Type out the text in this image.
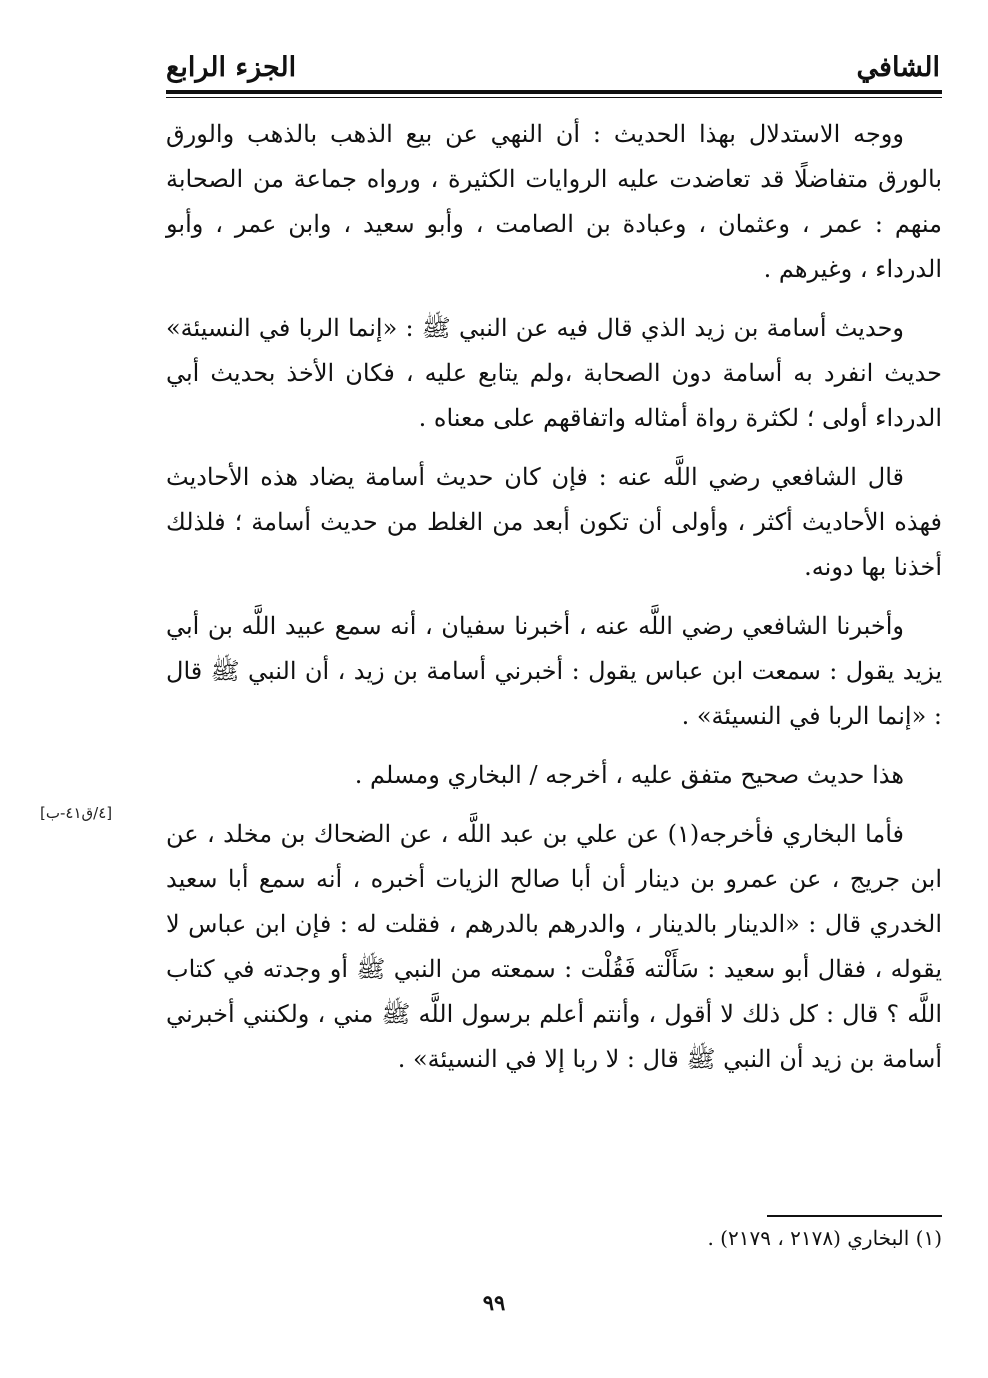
الشافي
الجزء الرابع

ووجه الاستدلال بهذا الحديث : أن النهي عن بيع الذهب بالذهب والورق بالورق متفاضلًا قد تعاضدت عليه الروايات الكثيرة ، ورواه جماعة من الصحابة منهم : عمر ، وعثمان ، وعبادة بن الصامت ، وأبو سعيد ، وابن عمر ، وأبو الدرداء ، وغيرهم .

وحديث أسامة بن زيد الذي قال فيه عن النبي ﷺ : «إنما الربا في النسيئة» حديث انفرد به أسامة دون الصحابة ،ولم يتابع عليه ، فكان الأخذ بحديث أبي الدرداء أولى ؛ لكثرة رواة أمثاله واتفاقهم على معناه .

قال الشافعي رضي اللَّه عنه : فإن كان حديث أسامة يضاد هذه الأحاديث فهذه الأحاديث أكثر ، وأولى أن تكون أبعد من الغلط من حديث أسامة ؛ فلذلك أخذنا بها دونه.

وأخبرنا الشافعي رضي اللَّه عنه ، أخبرنا سفيان ، أنه سمع عبيد اللَّه بن أبي يزيد يقول : سمعت ابن عباس يقول : أخبرني أسامة بن زيد ، أن النبي ﷺ قال : «إنما الربا في النسيئة» .

هذا حديث صحيح متفق عليه ، أخرجه / البخاري ومسلم .

فأما البخاري فأخرجه(١) عن علي بن عبد اللَّه ، عن الضحاك بن مخلد ، عن ابن جريج ، عن عمرو بن دينار أن أبا صالح الزيات أخبره ، أنه سمع أبا سعيد الخدري قال : «الدينار بالدينار ، والدرهم بالدرهم ، فقلت له : فإن ابن عباس لا يقوله ، فقال أبو سعيد : سَأَلْته فَقُلْت : سمعته من النبي ﷺ أو وجدته في كتاب اللَّه ؟ قال : كل ذلك لا أقول ، وأنتم أعلم برسول اللَّه ﷺ مني ، ولكنني أخبرني أسامة بن زيد أن النبي ﷺ قال : لا ربا إلا في النسيئة» .

[٤/ق٤١-ب]
(١) البخاري (٢١٧٨ ، ٢١٧٩) .
٩٩
